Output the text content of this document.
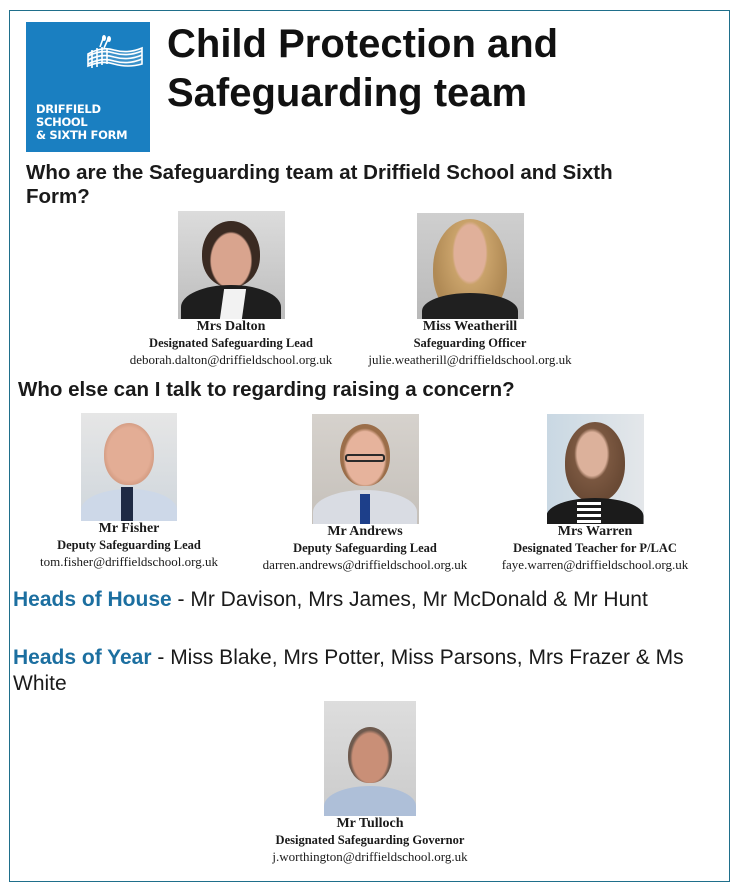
DRIFFIELD
SCHOOL
& SIXTH FORM
Child Protection and
Safeguarding team
Who are the Safeguarding team at Driffield School and Sixth Form?
Mrs Dalton
Designated Safeguarding Lead
deborah.dalton@driffieldschool.org.uk
Miss Weatherill
Safeguarding Officer
julie.weatherill@driffieldschool.org.uk
Who else can I talk to regarding raising a concern?
Mr Fisher
Deputy Safeguarding Lead
tom.fisher@driffieldschool.org.uk
Mr Andrews
Deputy Safeguarding Lead
darren.andrews@driffieldschool.org.uk
Mrs Warren
Designated Teacher for P/LAC
faye.warren@driffieldschool.org.uk
Heads of House - Mr Davison, Mrs James, Mr McDonald & Mr Hunt
Heads of Year - Miss Blake, Mrs Potter, Miss Parsons, Mrs Frazer & Ms White
Mr Tulloch
Designated Safeguarding Governor
j.worthington@driffieldschool.org.uk
